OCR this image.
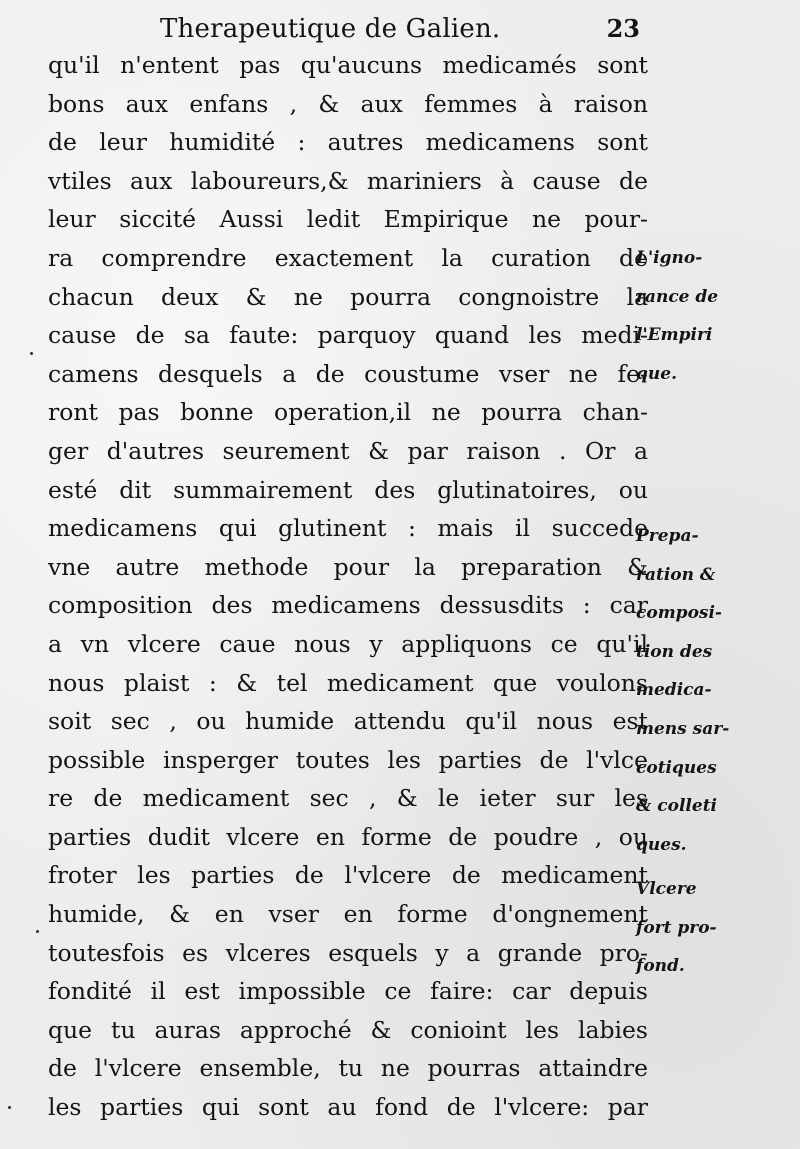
Therapeutique de Galien.	23
qu'il n'entent pas qu'aucuns medicamés sont
bons aux enfans , & aux femmes à raison
de leur humidité : autres medicamens sont
vtiles aux laboureurs,& mariniers à cause de
leur siccité Aussi ledit Empirique ne pour-
ra comprendre exactement la curation de
chacun deux & ne pourra congnoistre la
cause de sa faute: parquoy quand les medi-
camens desquels a de coustume vser ne fe-
ront pas bonne operation,il ne pourra chan-
ger d'autres seurement & par raison . Or a
esté dit summairement des glutinatoires, ou
medicamens qui glutinent : mais il succede
vne autre methode pour la preparation &
composition des medicamens dessusdits : car
a vn vlcere caue nous y appliquons ce qu'il
nous plaist : & tel medicament que voulons
soit sec , ou humide attendu qu'il nous est
possible insperger toutes les parties de l'vlce
re de medicament sec , & le ieter sur les
parties dudit vlcere en forme de poudre , ou
froter les parties de l'vlcere de medicament
humide, & en vser en forme d'ongnement
toutesfois es vlceres esquels y a grande pro-
fondité il est impossible ce faire: car depuis
que tu auras approché & conioint les labies
de l'vlcere ensemble, tu ne pourras attaindre
les parties qui sont au fond de l'vlcere: par
L'igno-
rance de
l'Empiri
que.
Prepa-
ration &
composi-
tion des
medica-
mens sar-
cotiques
& colleti
ques.
Vlcere
fort pro-
fond.
